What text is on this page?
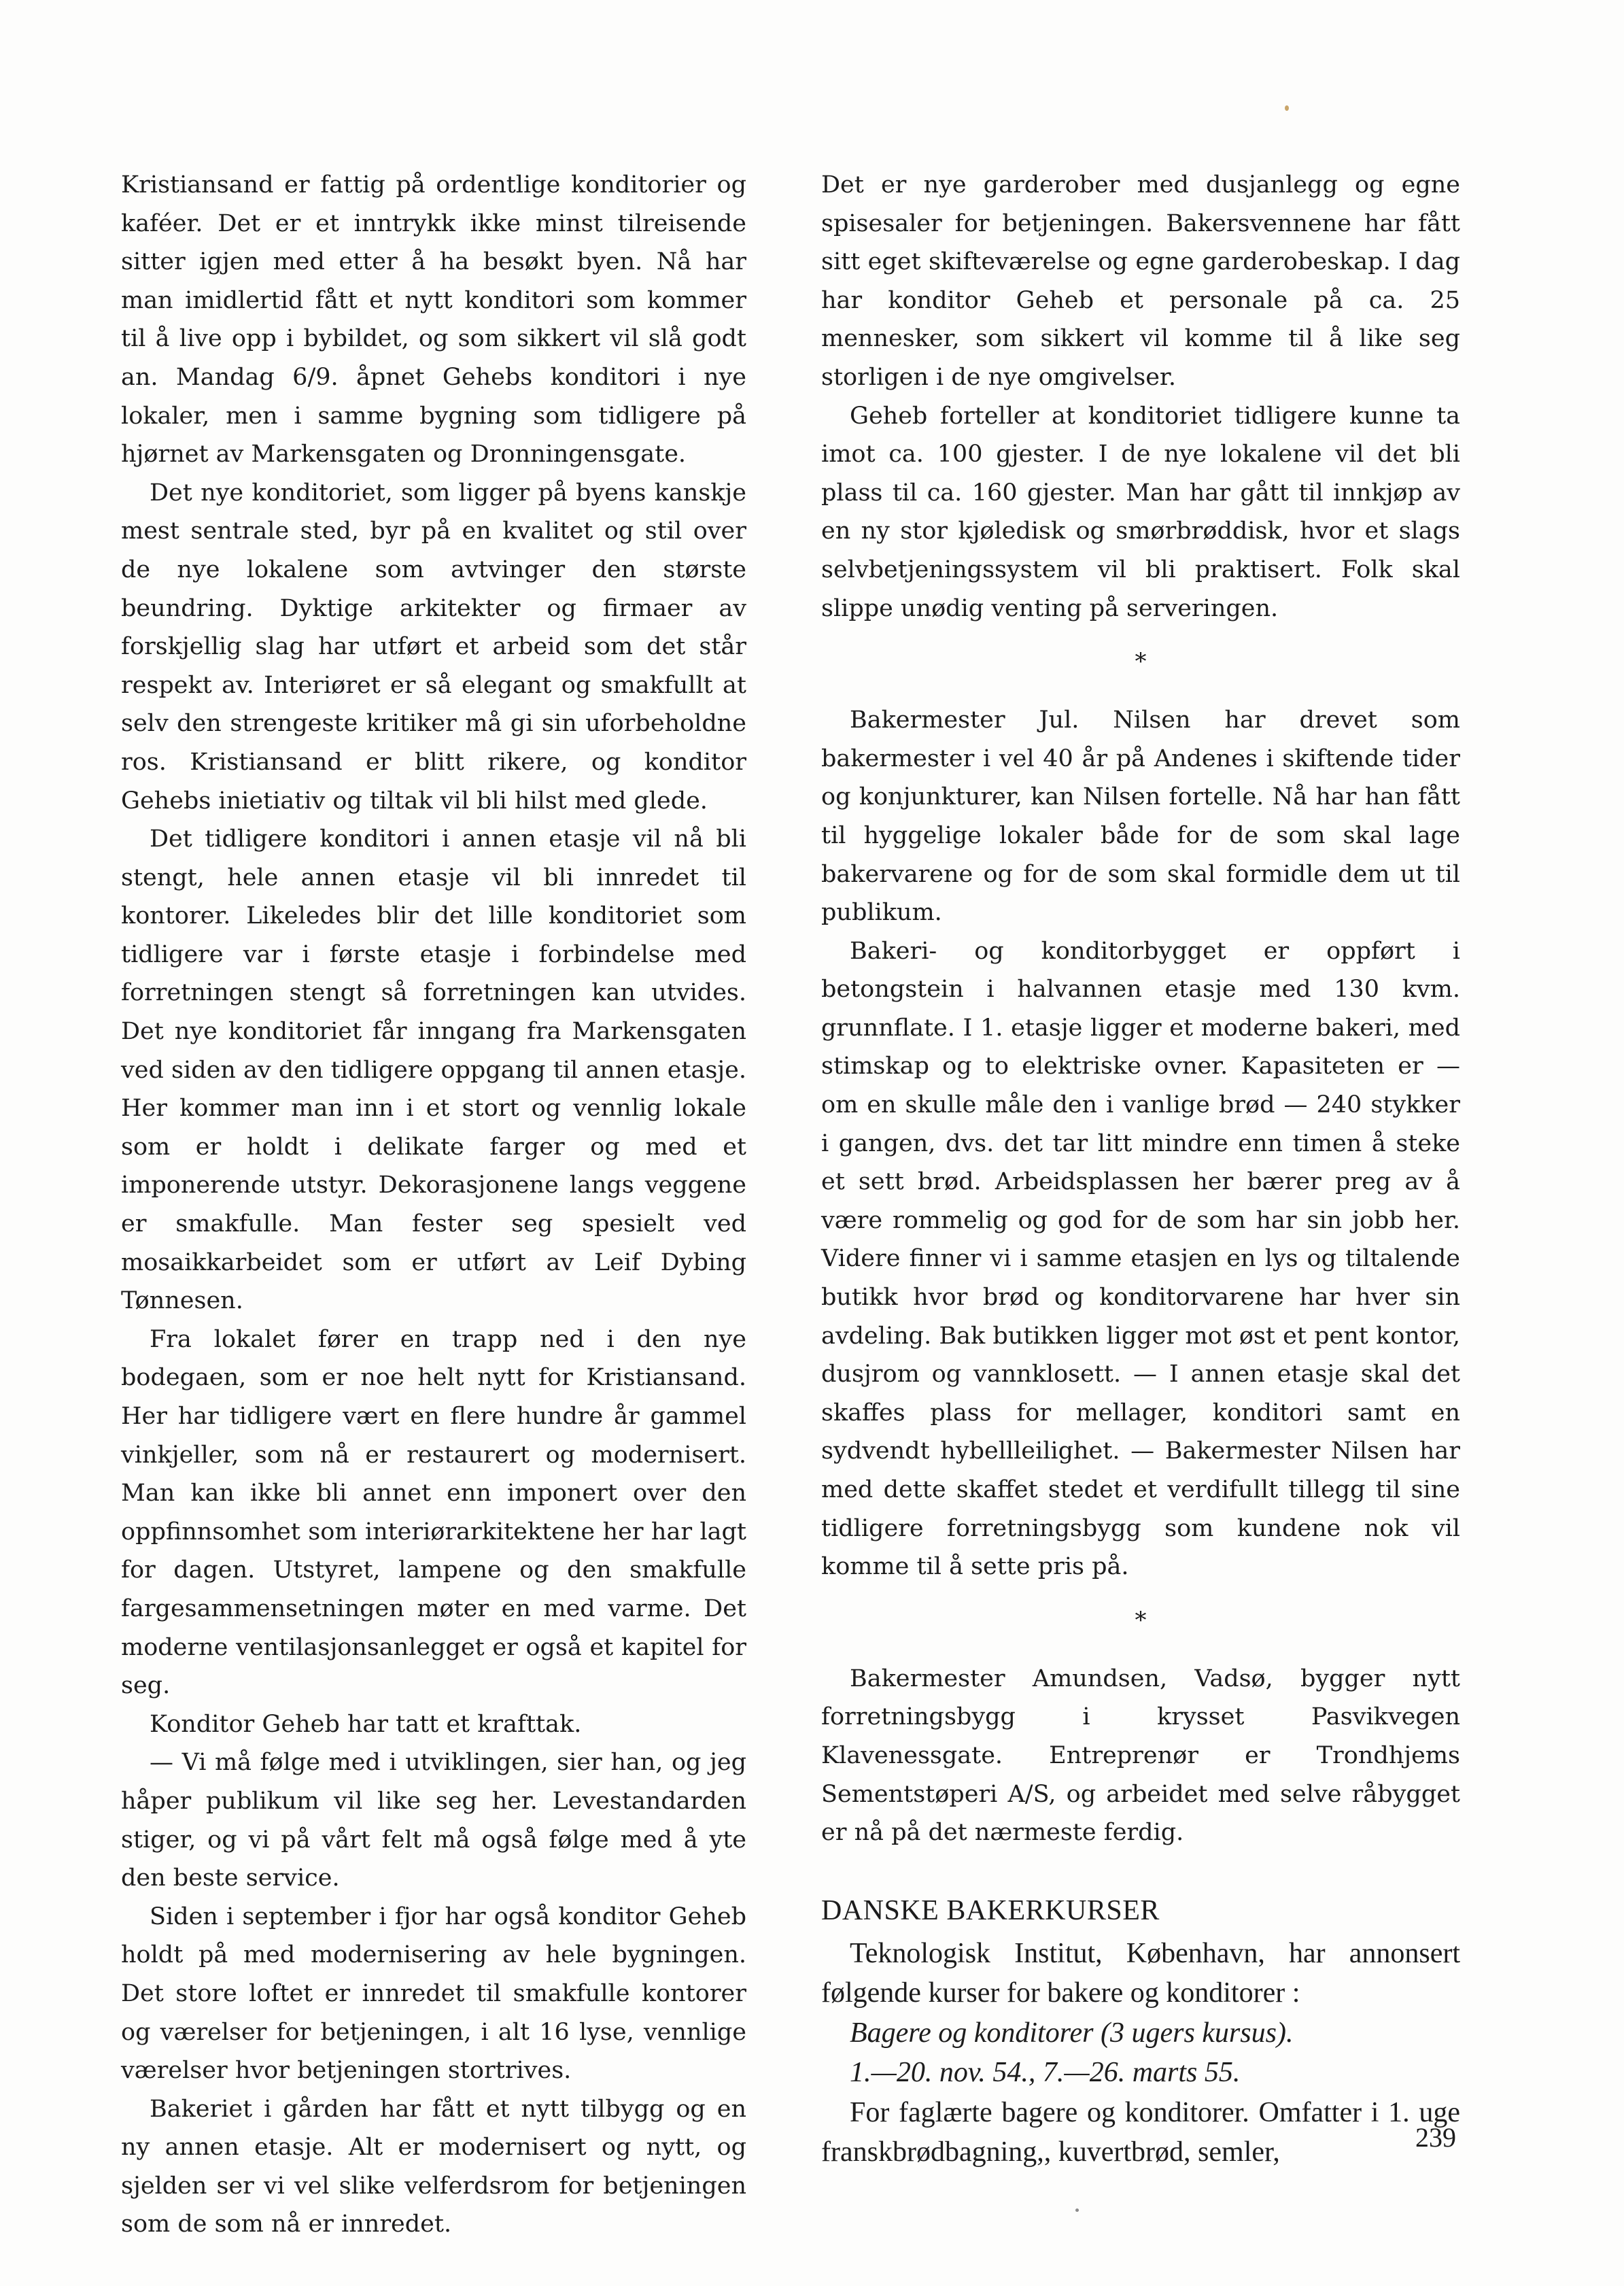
Kristiansand er fattig på ordentlige konditorier og kaféer. Det er et inntrykk ikke minst tilreisende sitter igjen med etter å ha besøkt byen. Nå har man imidlertid fått et nytt konditori som kommer til å live opp i bybildet, og som sikkert vil slå godt an. Mandag 6/9. åpnet Gehebs konditori i nye lokaler, men i samme bygning som tidligere på hjørnet av Markensgaten og Dronningensgate.

Det nye konditoriet, som ligger på byens kanskje mest sentrale sted, byr på en kvalitet og stil over de nye lokalene som avtvinger den største beundring. Dyktige arkitekter og firmaer av forskjellig slag har utført et arbeid som det står respekt av. Interiøret er så elegant og smakfullt at selv den strengeste kritiker må gi sin uforbeholdne ros. Kristiansand er blitt rikere, og konditor Gehebs inietiativ og tiltak vil bli hilst med glede.

Det tidligere konditori i annen etasje vil nå bli stengt, hele annen etasje vil bli innredet til kontorer. Likeledes blir det lille konditoriet som tidligere var i første etasje i forbindelse med forretningen stengt så forretningen kan utvides. Det nye konditoriet får inngang fra Markensgaten ved siden av den tidligere oppgang til annen etasje. Her kommer man inn i et stort og vennlig lokale som er holdt i delikate farger og med et imponerende utstyr. Dekorasjonene langs veggene er smakfulle. Man fester seg spesielt ved mosaikkarbeidet som er utført av Leif Dybing Tønnesen.

Fra lokalet fører en trapp ned i den nye bodegaen, som er noe helt nytt for Kristiansand. Her har tidligere vært en flere hundre år gammel vinkjeller, som nå er restaurert og modernisert. Man kan ikke bli annet enn imponert over den oppfinnsomhet som interiørarkitektene her har lagt for dagen. Utstyret, lampene og den smakfulle fargesammensetningen møter en med varme. Det moderne ventilasjonsanlegget er også et kapitel for seg.

Konditor Geheb har tatt et krafttak.

— Vi må følge med i utviklingen, sier han, og jeg håper publikum vil like seg her. Levestandarden stiger, og vi på vårt felt må også følge med å yte den beste service.

Siden i september i fjor har også konditor Geheb holdt på med modernisering av hele bygningen. Det store loftet er innredet til smakfulle kontorer og værelser for betjeningen, i alt 16 lyse, vennlige værelser hvor betjeningen stortrives.

Bakeriet i gården har fått et nytt tilbygg og en ny annen etasje. Alt er modernisert og nytt, og sjelden ser vi vel slike velferdsrom for betjeningen som de som nå er innredet.

Det er nye garderober med dusjanlegg og egne spisesaler for betjeningen. Bakersvennene har fått sitt eget skifteværelse og egne garderobeskap. I dag har konditor Geheb et personale på ca. 25 mennesker, som sikkert vil komme til å like seg storligen i de nye omgivelser.

Geheb forteller at konditoriet tidligere kunne ta imot ca. 100 gjester. I de nye lokalene vil det bli plass til ca. 160 gjester. Man har gått til innkjøp av en ny stor kjøledisk og smørbrøddisk, hvor et slags selvbetjeningssystem vil bli praktisert. Folk skal slippe unødig venting på serveringen.

*

Bakermester Jul. Nilsen har drevet som bakermester i vel 40 år på Andenes i skiftende tider og konjunkturer, kan Nilsen fortelle. Nå har han fått til hyggelige lokaler både for de som skal lage bakervarene og for de som skal formidle dem ut til publikum.

Bakeri- og konditorbygget er oppført i betongstein i halvannen etasje med 130 kvm. grunnflate. I 1. etasje ligger et moderne bakeri, med stimskap og to elektriske ovner. Kapasiteten er — om en skulle måle den i vanlige brød — 240 stykker i gangen, dvs. det tar litt mindre enn timen å steke et sett brød. Arbeidsplassen her bærer preg av å være rommelig og god for de som har sin jobb her. Videre finner vi i samme etasjen en lys og tiltalende butikk hvor brød og konditorvarene har hver sin avdeling. Bak butikken ligger mot øst et pent kontor, dusjrom og vannklosett. — I annen etasje skal det skaffes plass for mellager, konditori samt en sydvendt hybellleilighet. — Bakermester Nilsen har med dette skaffet stedet et verdifullt tillegg til sine tidligere forretningsbygg som kundene nok vil komme til å sette pris på.

*

Bakermester Amundsen, Vadsø, bygger nytt forretningsbygg i krysset Pasvikvegen Klavenessgate. Entreprenør er Trondhjems Sementstøperi A/S, og arbeidet med selve råbygget er nå på det nærmeste ferdig.

DANSKE BAKERKURSER

Teknologisk Institut, København, har annonsert følgende kurser for bakere og konditorer :

Bagere og konditorer (3 ugers kursus).

1.—20. nov. 54., 7.—26. marts 55.

For faglærte bagere og konditorer. Omfatter i 1. uge franskbrødbagning,, kuvertbrød, semler,	239
